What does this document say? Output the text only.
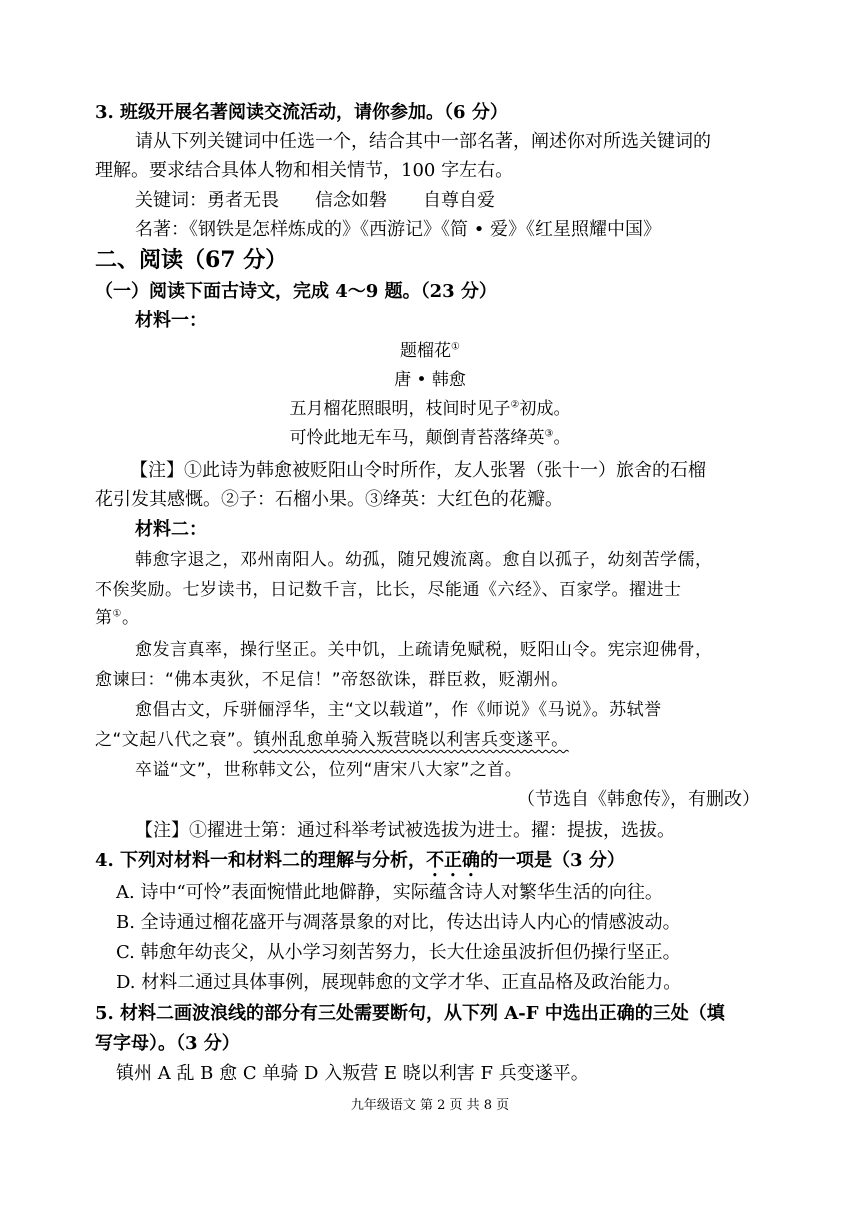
3. 班级开展名著阅读交流活动，请你参加。（6 分）
请从下列关键词中任选一个，结合其中一部名著，阐述你对所选关键词的
理解。要求结合具体人物和相关情节，100 字左右。
关键词：勇者无畏　　信念如磐　　自尊自爱
名著：《钢铁是怎样炼成的》《西游记》《简 • 爱》《红星照耀中国》
二、阅读（67 分）
（一）阅读下面古诗文，完成 4～9 题。（23 分）
材料一：
题榴花①
唐 • 韩愈
五月榴花照眼明，枝间时见子②初成。
可怜此地无车马，颠倒青苔落绛英③。
【注】①此诗为韩愈被贬阳山令时所作，友人张署（张十一）旅舍的石榴
花引发其感慨。②子：石榴小果。③绛英：大红色的花瓣。
材料二：
韩愈字退之，邓州南阳人。幼孤，随兄嫂流离。愈自以孤子，幼刻苦学儒，
不俟奖励。七岁读书，日记数千言，比长，尽能通《六经》、百家学。擢进士
第①。
愈发言真率，操行坚正。关中饥，上疏请免赋税，贬阳山令。宪宗迎佛骨，
愈谏曰：“佛本夷狄，不足信！”帝怒欲诛，群臣救，贬潮州。
愈倡古文，斥骈俪浮华，主“文以载道”，作《师说》《马说》。苏轼誉
之“文起八代之衰”。镇州乱愈单骑入叛营晓以利害兵变遂平。
卒谥“文”，世称韩文公，位列“唐宋八大家”之首。
（节选自《韩愈传》，有删改）
【注】①擢进士第：通过科举考试被选拔为进士。擢：提拔，选拔。
4. 下列对材料一和材料二的理解与分析，不正确的一项是（3 分）
A. 诗中“可怜”表面惋惜此地僻静，实际蕴含诗人对繁华生活的向往。
B. 全诗通过榴花盛开与凋落景象的对比，传达出诗人内心的情感波动。
C. 韩愈年幼丧父，从小学习刻苦努力，长大仕途虽波折但仍操行坚正。
D. 材料二通过具体事例，展现韩愈的文学才华、正直品格及政治能力。
5. 材料二画波浪线的部分有三处需要断句，从下列 A-F 中选出正确的三处（填
写字母）。（3 分）
镇州 A 乱 B 愈 C 单骑 D 入叛营 E 晓以利害 F 兵变遂平。
九年级语文 第 2 页 共 8 页
